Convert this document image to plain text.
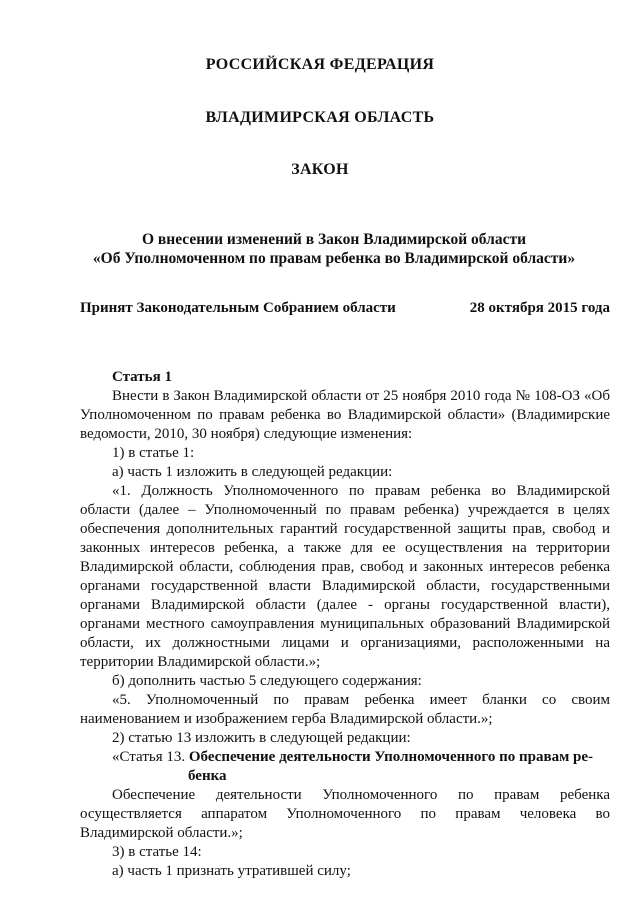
РОССИЙСКАЯ ФЕДЕРАЦИЯ
ВЛАДИМИРСКАЯ ОБЛАСТЬ
ЗАКОН
О внесении изменений в Закон Владимирской области
«Об Уполномоченном по правам ребенка во Владимирской области»
Принят Законодательным Собранием области	28 октября 2015 года

Статья 1

Внести в Закон Владимирской области от 25 ноября 2010 года № 108-ОЗ «Об Уполномоченном по правам ребенка во Владимирской области» (Владимирские ведомости, 2010, 30 ноября) следующие изменения:

1) в статье 1:

а) часть 1 изложить в следующей редакции:

«1. Должность Уполномоченного по правам ребенка во Владимирской области (далее – Уполномоченный по правам ребенка) учреждается в целях обеспечения дополнительных гарантий государственной защиты прав, свобод и законных интересов ребенка, а также для ее осуществления на территории Владимирской области, соблюдения прав, свобод и законных интересов ребенка органами государственной власти Владимирской области, государственными органами Владимирской области (далее - органы государственной власти), органами местного самоуправления муниципальных образований Владимирской области, их должностными лицами и организациями, расположенными на территории Владимирской области.»;

б) дополнить частью 5 следующего содержания:

«5. Уполномоченный по правам ребенка имеет бланки со своим наименованием и изображением герба Владимирской области.»;

2) статью 13 изложить в следующей редакции:

«Статья 13. Обеспечение деятельности Уполномоченного по правам ре-

бенка

Обеспечение деятельности Уполномоченного по правам ребенка осуществляется аппаратом Уполномоченного по правам человека во Владимирской области.»;

3) в статье 14:

а) часть 1 признать утратившей силу;
